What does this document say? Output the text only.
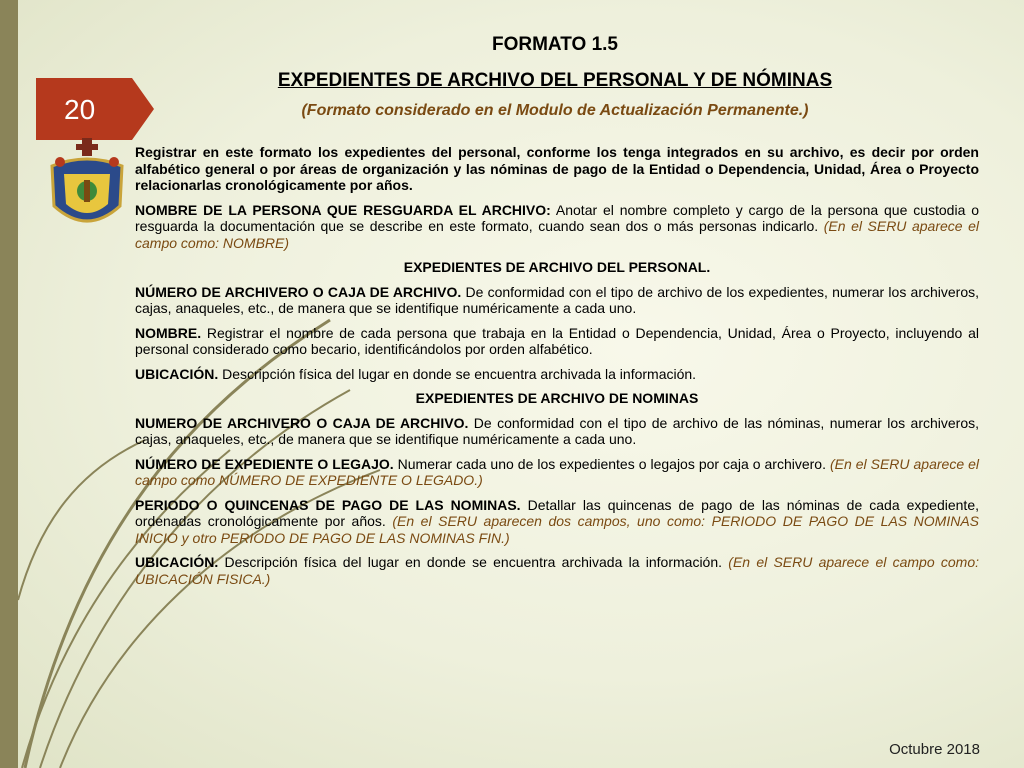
20
FORMATO 1.5
EXPEDIENTES DE ARCHIVO DEL PERSONAL Y DE NÓMINAS
(Formato considerado en el Modulo de Actualización Permanente.)

Registrar en este formato los expedientes del personal, conforme los tenga integrados en su archivo, es decir por orden alfabético general o por áreas de organización y las nóminas de pago de la Entidad o Dependencia, Unidad, Área o Proyecto relacionarlas cronológicamente por años.

NOMBRE DE LA PERSONA QUE RESGUARDA EL ARCHIVO: Anotar el nombre completo y cargo de la persona que custodia o resguarda la documentación que se describe en este formato, cuando sean dos o más personas indicarlo. (En el SERU aparece el campo como: NOMBRE)

EXPEDIENTES DE ARCHIVO DEL PERSONAL.

NÚMERO DE ARCHIVERO O CAJA DE ARCHIVO. De conformidad con el tipo de archivo de los expedientes, numerar los archiveros, cajas, anaqueles, etc., de manera que se identifique numéricamente a cada uno.

NOMBRE. Registrar el nombre de cada persona que trabaja en la Entidad o Dependencia, Unidad, Área o Proyecto, incluyendo al personal considerado como becario, identificándolos por orden alfabético.

UBICACIÓN. Descripción física del lugar en donde se encuentra archivada la información.

EXPEDIENTES DE ARCHIVO DE NOMINAS

NUMERO DE ARCHIVERO O CAJA DE ARCHIVO. De conformidad con el tipo de archivo de las nóminas, numerar los archiveros, cajas, anaqueles, etc., de manera que se identifique numéricamente a cada uno.

NÚMERO DE EXPEDIENTE O LEGAJO. Numerar cada uno de los expedientes o legajos por caja o archivero. (En el SERU aparece el campo como NÚMERO DE EXPEDIENTE O LEGADO.)

PERIODO O QUINCENAS DE PAGO DE LAS NOMINAS. Detallar las quincenas de pago de las nóminas de cada expediente, ordenadas cronológicamente por años. (En el SERU aparecen dos campos, uno como: PERIODO DE PAGO DE LAS NOMINAS INICIO y otro PERIODO DE PAGO DE LAS NOMINAS FIN.)

UBICACIÓN. Descripción física del lugar en donde se encuentra archivada la información. (En el SERU aparece el campo como: UBICACIÓN FISICA.)

Octubre 2018
